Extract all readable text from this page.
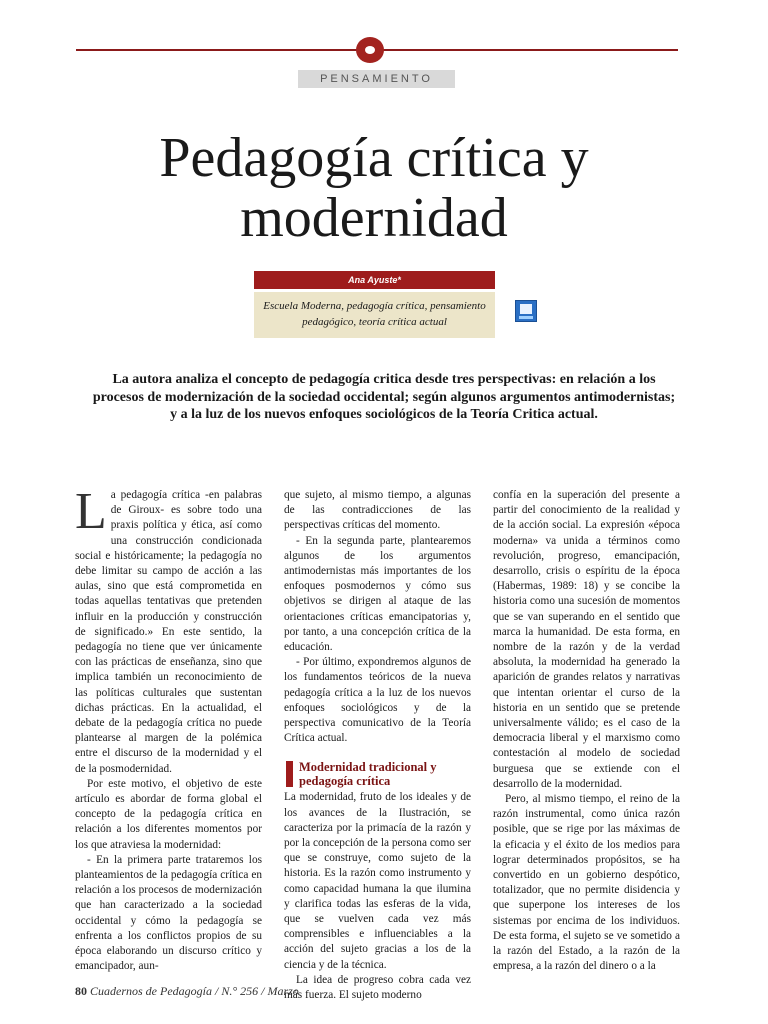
PENSAMIENTO
Pedagogía crítica y
modernidad
Ana Ayuste*
Escuela Moderna, pedagogía crítica, pensamiento
pedagógico, teoría crítica actual

La autora analiza el concepto de pedagogía critica desde tres perspectivas: en relación a los procesos de modernización de la sociedad occidental; según algunos argumentos antimodernistas; y a la luz de los nuevos enfoques sociológicos de la Teoría Critica actual.

La pedagogía crítica -en palabras de Giroux- es sobre todo una praxis política y ética, así como una construcción condicionada social e históricamente; la pedagogía no debe limitar su campo de acción a las aulas, sino que está comprometida en todas aquellas tentativas que pretenden influir en la producción y construcción de significado.» En este sentido, la pedagogía no tiene que ver únicamente con las prácticas de enseñanza, sino que implica también un reconocimiento de las políticas culturales que sustentan dichas prácticas. En la actualidad, el debate de la pedagogía crítica no puede plantearse al margen de la polémica entre el discurso de la modernidad y el de la posmodernidad.

Por este motivo, el objetivo de este artículo es abordar de forma global el concepto de la pedagogía crítica en relación a los diferentes momentos por los que atraviesa la modernidad:

- En la primera parte trataremos los planteamientos de la pedagogía crítica en relación a los procesos de modernización que han caracterizado a la sociedad occidental y cómo la pedagogía se enfrenta a los conflictos propios de su época elaborando un discurso crítico y emancipador, aun-

que sujeto, al mismo tiempo, a algunas de las contradicciones de las perspectivas críticas del momento.

- En la segunda parte, plantearemos algunos de los argumentos antimodernistas más importantes de los enfoques posmodernos y cómo sus objetivos se dirigen al ataque de las orientaciones críticas emancipatorias y, por tanto, a una concepción crítica de la educación.

- Por último, expondremos algunos de los fundamentos teóricos de la nueva pedagogía crítica a la luz de los nuevos enfoques sociológicos y de la perspectiva comunicativo de la Teoría Crítica actual.

Modernidad tradicional y pedagogía crítica

La modernidad, fruto de los ideales y de los avances de la Ilustración, se caracteriza por la primacía de la razón y por la concepción de la persona como ser que se construye, como sujeto de la historia. Es la razón como instrumento y como capacidad humana la que ilumina y clarifica todas las esferas de la vida, que se vuelven cada vez más comprensibles e influenciables a la acción del sujeto gracias a los de la ciencia y de la técnica.

La idea de progreso cobra cada vez más fuerza. El sujeto moderno

confía en la superación del presente a partir del conocimiento de la realidad y de la acción social. La expresión «época moderna» va unida a términos como revolución, progreso, emancipación, desarrollo, crisis o espíritu de la época (Habermas, 1989: 18) y se concibe la historia como una sucesión de momentos que se van superando en el sentido que marca la humanidad. De esta forma, en nombre de la razón y de la verdad absoluta, la modernidad ha generado la aparición de grandes relatos y narrativas que intentan orientar el curso de la historia en un sentido que se pretende universalmente válido; es el caso de la democracia liberal y el marxismo como contestación al modelo de sociedad burguesa que se extiende con el desarrollo de la modernidad.

Pero, al mismo tiempo, el reino de la razón instrumental, como única razón posible, que se rige por las máximas de la eficacia y el éxito de los medios para lograr determinados propósitos, se ha convertido en un gobierno despótico, totalizador, que no permite disidencia y que superpone los intereses de los sistemas por encima de los individuos. De esta forma, el sujeto se ve sometido a la razón del Estado, a la razón de la empresa, a la razón del dinero o a la

80 Cuadernos de Pedagogía / N.° 256 / Marzo
